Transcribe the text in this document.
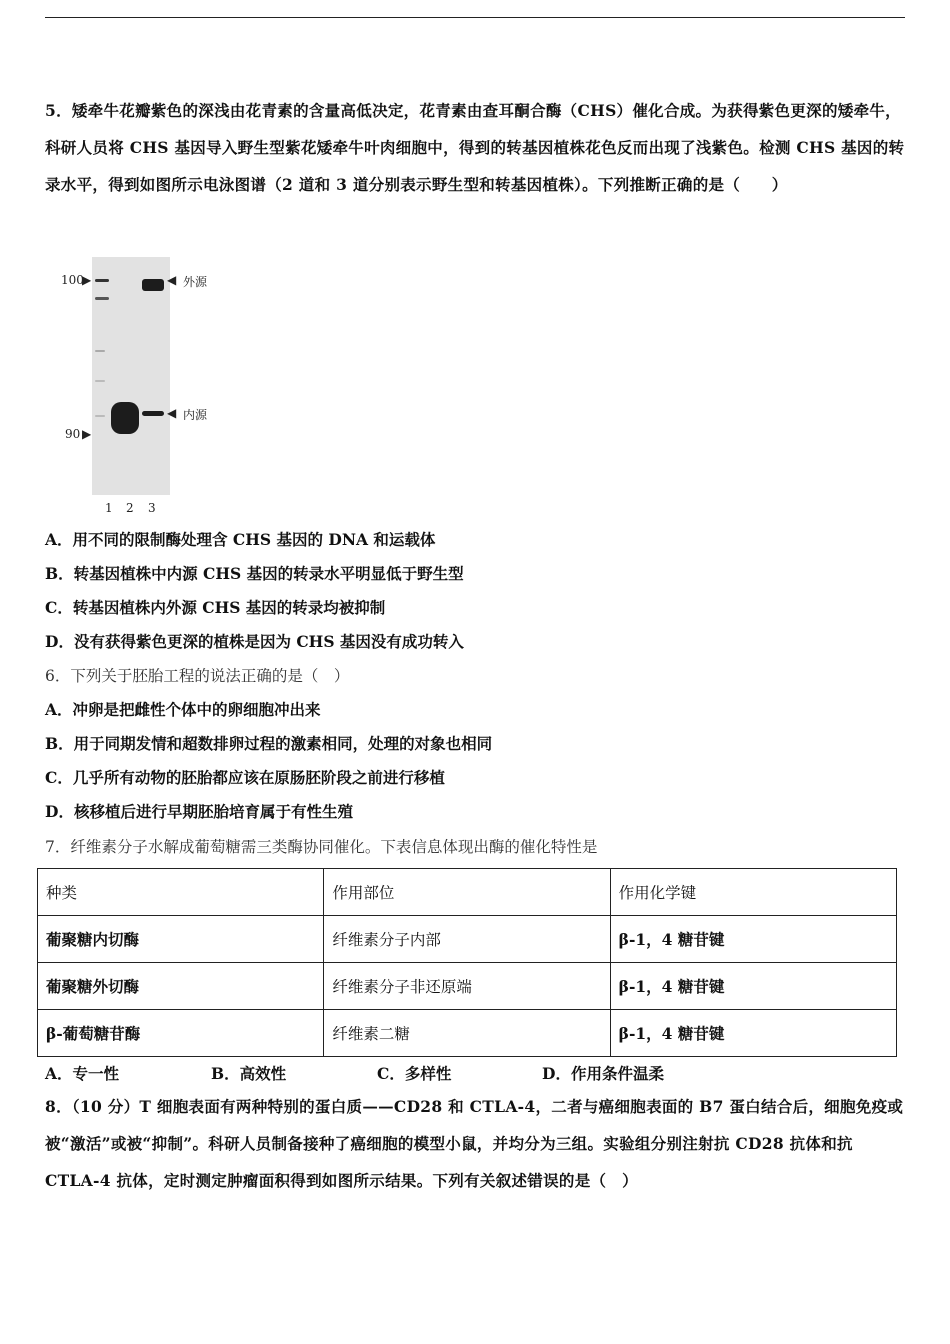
5．矮牵牛花瓣紫色的深浅由花青素的含量高低决定，花青素由查耳酮合酶（CHS）催化合成。为获得紫色更深的矮牵牛，科研人员将 CHS 基因导入野生型紫花矮牵牛叶肉细胞中，得到的转基因植株花色反而出现了浅紫色。检测 CHS 基因的转录水平，得到如图所示电泳图谱（2 道和 3 道分别表示野生型和转基因植株）。下列推断正确的是（　　）
100
▶
90 ▶
◀ 外源
◀ 内源
1 2 3
A．用不同的限制酶处理含 CHS 基因的 DNA 和运载体
B．转基因植株中内源 CHS 基因的转录水平明显低于野生型
C．转基因植株内外源 CHS 基因的转录均被抑制
D．没有获得紫色更深的植株是因为 CHS 基因没有成功转入
6．下列关于胚胎工程的说法正确的是（　）
A．冲卵是把雌性个体中的卵细胞冲出来
B．用于同期发情和超数排卵过程的激素相同，处理的对象也相同
C．几乎所有动物的胚胎都应该在原肠胚阶段之前进行移植
D．核移植后进行早期胚胎培育属于有性生殖
7．纤维素分子水解成葡萄糖需三类酶协同催化。下表信息体现出酶的催化特性是
种类	作用部位	作用化学键
葡聚糖内切酶	纤维素分子内部	β-1，4 糖苷键
葡聚糖外切酶	纤维素分子非还原端	β-1，4 糖苷键
β-葡萄糖苷酶	纤维素二糖	β-1，4 糖苷键
A．专一性	B．高效性	C．多样性	D．作用条件温柔
8．（10 分）T 细胞表面有两种特别的蛋白质——CD28 和 CTLA-4，二者与癌细胞表面的 B7 蛋白结合后，细胞免疫或被“激活”或被“抑制”。科研人员制备接种了癌细胞的模型小鼠，并均分为三组。实验组分别注射抗 CD28 抗体和抗 CTLA-4 抗体，定时测定肿瘤面积得到如图所示结果。下列有关叙述错误的是（　）
